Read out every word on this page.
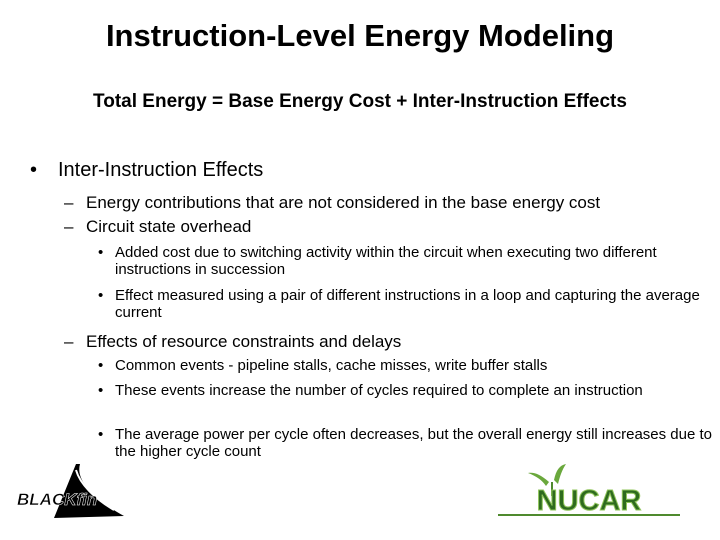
Instruction-Level Energy Modeling
Total Energy = Base Energy Cost + Inter-Instruction Effects
• Inter-Instruction Effects
– Energy contributions that are not considered in the base energy cost
– Circuit state overhead
• Added cost due to switching activity within the circuit when executing two different instructions in succession
• Effect measured using a pair of different instructions in a loop and capturing the average current
– Effects of resource constraints and delays
• Common events - pipeline stalls, cache misses, write buffer stalls
• These events increase the number of cycles required to complete an instruction
• The average power per cycle often decreases, but the overall energy still increases due to the higher cycle count
BLACKfin	NUCAR
